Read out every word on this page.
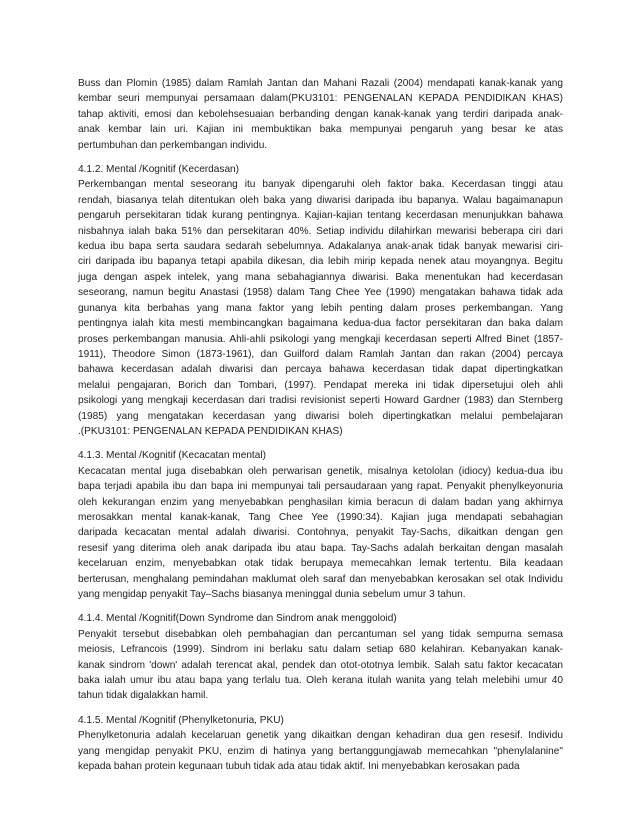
Buss dan Plomin (1985) dalam Ramlah Jantan dan Mahani Razali (2004) mendapati kanak-kanak yang
kembar seuri mempunyai persamaan dalam(PKU3101: PENGENALAN KEPADA PENDIDIKAN KHAS)
tahap aktiviti, emosi dan kebolehsesuaian berbanding dengan kanak-kanak yang terdiri daripada anak-
anak kembar lain uri. Kajian ini membuktikan baka mempunyai pengaruh yang besar ke atas
pertumbuhan dan perkembangan individu.
4.1.2. Mental /Kognitif (Kecerdasan)
Perkembangan mental seseorang itu banyak dipengaruhi oleh faktor baka. Kecerdasan tinggi atau
rendah, biasanya telah ditentukan oleh baka yang diwarisi daripada ibu bapanya. Walau bagaimanapun
pengaruh persekitaran tidak kurang pentingnya. Kajian-kajian tentang kecerdasan menunjukkan bahawa
nisbahnya ialah baka 51% dan persekitaran 40%. Setiap individu dilahirkan mewarisi beberapa ciri dari
kedua ibu bapa serta saudara sedarah sebelumnya. Adakalanya anak-anak tidak banyak mewarisi ciri-
ciri daripada ibu bapanya tetapi apabila dikesan, dia lebih mirip kepada nenek atau moyangnya. Begitu
juga dengan aspek intelek, yang mana sebahagiannya diwarisi. Baka menentukan had kecerdasan
seseorang, namun begitu Anastasi (1958) dalam Tang Chee Yee (1990) mengatakan bahawa tidak ada
gunanya kita berbahas yang mana faktor yang lebih penting dalam proses perkembangan. Yang
pentingnya ialah kita mesti membincangkan bagaimana kedua-dua factor persekitaran dan baka dalam
proses perkembangan manusia. Ahli-ahli psikologi yang mengkaji kecerdasan seperti Alfred Binet (1857-
1911), Theodore Simon (1873-1961), dan Guilford dalam Ramlah Jantan dan rakan (2004) percaya
bahawa kecerdasan adalah diwarisi dan percaya bahawa kecerdasan tidak dapat dipertingkatkan
melalui pengajaran, Borich dan Tombari, (1997). Pendapat mereka ini tidak dipersetujui oleh ahli
psikologi yang mengkaji kecerdasan dari tradisi revisionist seperti Howard Gardner (1983) dan Sternberg
(1985) yang mengatakan kecerdasan yang diwarisi boleh dipertingkatkan melalui pembelajaran
.(PKU3101: PENGENALAN KEPADA PENDIDIKAN KHAS)
4.1.3. Mental /Kognitif (Kecacatan mental)
Kecacatan mental juga disebabkan oleh perwarisan genetik, misalnya ketololan (idiocy) kedua-dua ibu
bapa terjadi apabila ibu dan bapa ini mempunyai tali persaudaraan yang rapat. Penyakit phenylkeyonuria
oleh kekurangan enzim yang menyebabkan penghasilan kimia beracun di dalam badan yang akhirnya
merosakkan mental kanak-kanak, Tang Chee Yee (1990:34). Kajian juga mendapati sebahagian
daripada kecacatan mental adalah diwarisi. Contohnya, penyakit Tay-Sachs, dikaitkan dengan gen
resesif yang diterima oleh anak daripada ibu atau bapa. Tay-Sachs adalah berkaitan dengan masalah
kecelaruan enzim, menyebabkan otak tidak berupaya memecahkan lemak tertentu. Bila keadaan
berterusan, menghalang pemindahan maklumat oleh saraf dan menyebabkan kerosakan sel otak Individu
yang mengidap penyakit Tay–Sachs biasanya meninggal dunia sebelum umur 3 tahun.
4.1.4. Mental /Kognitif(Down Syndrome dan Sindrom anak menggoloid)
Penyakit tersebut disebabkan oleh pembahagian dan percantuman sel yang tidak sempurna semasa
meiosis, Lefrancois (1999). Sindrom ini berlaku satu dalam setiap 680 kelahiran. Kebanyakan kanak-
kanak sindrom 'down' adalah terencat akal, pendek dan otot-ototnya lembik. Salah satu faktor kecacatan
baka ialah umur ibu atau bapa yang terlalu tua. Oleh kerana itulah wanita yang telah melebihi umur 40
tahun tidak digalakkan hamil.
4.1.5. Mental /Kognitif (Phenylketonuria, PKU)
Phenylketonuria adalah kecelaruan genetik yang dikaitkan dengan kehadiran dua gen resesif. Individu
yang mengidap penyakit PKU, enzim di hatinya yang bertanggungjawab memecahkan "phenylalanine"
kepada bahan protein kegunaan tubuh tidak ada atau tidak aktif. Ini menyebabkan kerosakan pada
